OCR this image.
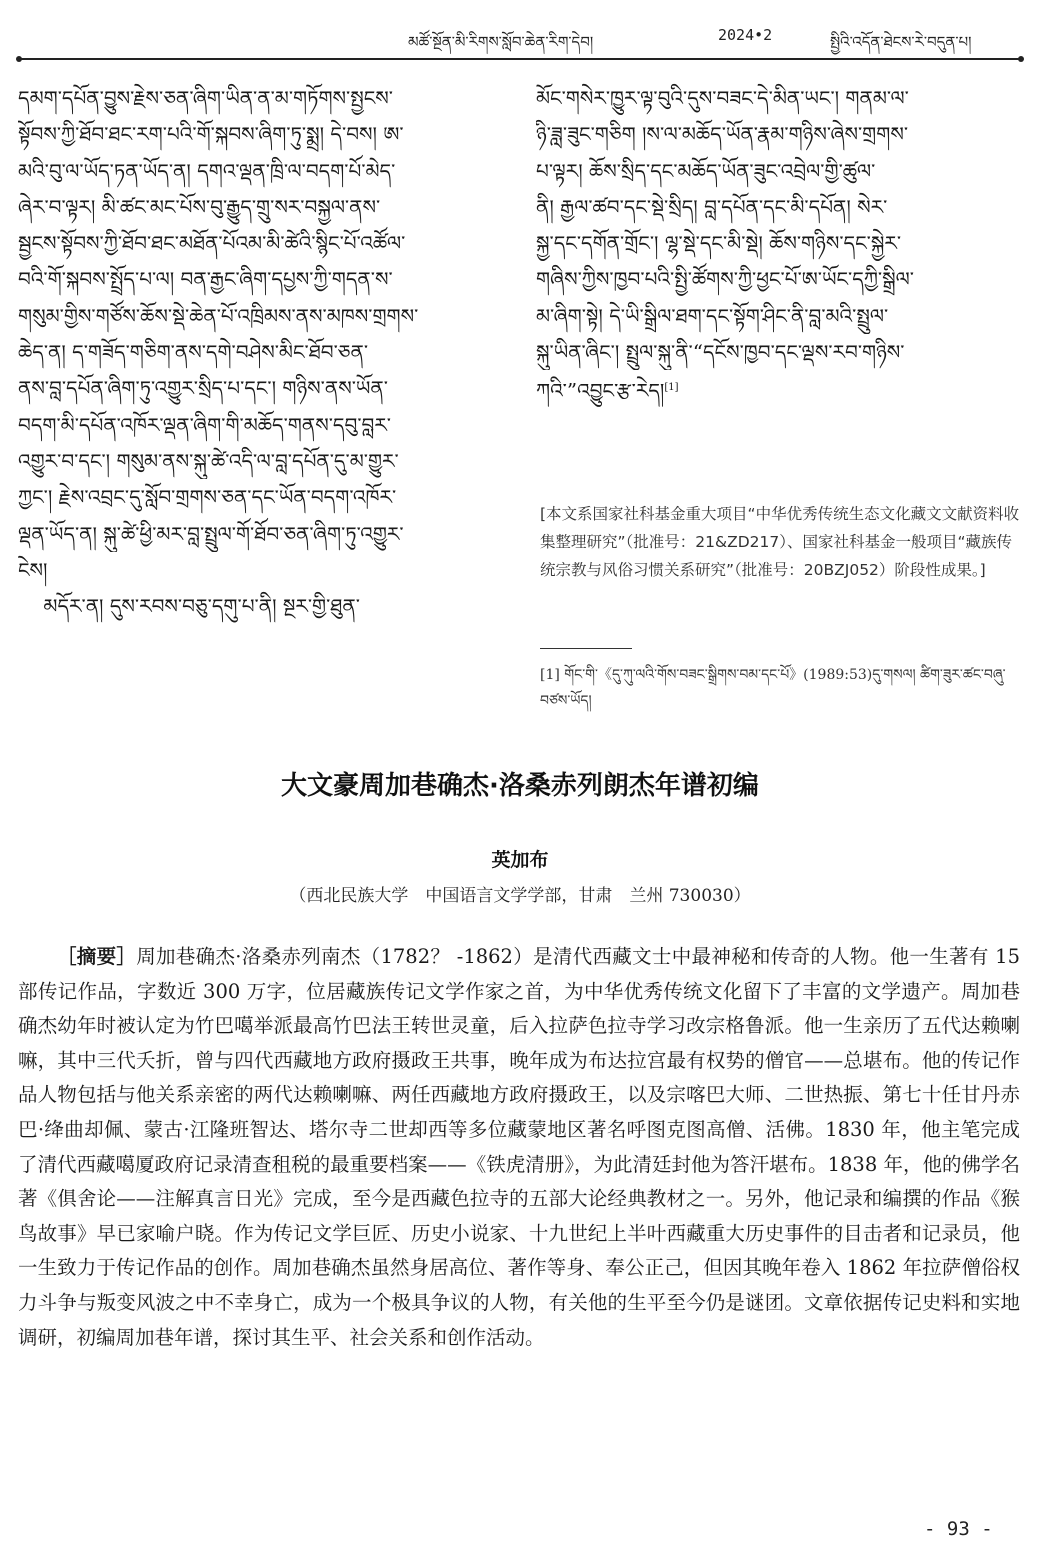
མཚོ་སྔོན་མི་རིགས་སློབ་ཆེན་རིག་དེབ།	2024•2	སྤྱིའི་འདོན་ཐེངས་རེ་བདུན་པ།
དམག་དཔོན་བྱུས་རྗེས་ཅན་ཞིག་ཡིན་ན་མ་གཏོགས་སྤྱངས་
སྟོབས་ཀྱི་ཐོབ་ཐང་རག་པའི་གོ་སྐབས་ཞིག་ཏུ་སྨྲ། དེ་བས། ཨ་
མའི་བུ་ལ་ཡོད་ཏན་ཡོད་ན། དགའ་ལྡན་ཁྲི་ལ་བདག་པོ་མེད་
ཞེར་བ་ལྟར། མི་ཚང་མང་པོས་བུ་རྒྱུད་གྲུ་སར་བསྐྱལ་ནས་
སྦྱངས་སྟོབས་ཀྱི་ཐོབ་ཐང་མཐོན་པོའམ་མི་ཚེའི་སྙིང་པོ་འཚོལ་
བའི་གོ་སྐབས་སྤྲོད་པ་ལ། བན་རྒྱང་ཞིག་དཔྱས་ཀྱི་གདན་ས་
གསུམ་གྱིས་གཙོས་ཆོས་སྡེ་ཆེན་པོ་འཁྲིམས་ནས་མཁས་གྲགས་
ཆེད་ན། ད་གཟོད་གཅིག་ནས་དགེ་བཤེས་མིང་ཐོབ་ཅན་
ནས་བླ་དཔོན་ཞིག་ཏུ་འགྱུར་སྲིད་པ་དང་། གཉིས་ནས་ཡོན་
བདག་མི་དཔོན་འཁོར་ལྡན་ཞིག་གི་མཆོད་གནས་དབུ་བླར་
འགྱུར་བ་དང་། གསུམ་ནས་སྐུ་ཚེ་འདི་ལ་བླ་དཔོན་དུ་མ་གྱུར་
ཀྱང་། རྗེས་འབྲང་དུ་སློབ་གྲགས་ཅན་དང་ཡོན་བདག་འཁོར་
ལྡན་ཡོད་ན། སྐུ་ཚེ་ཕྱི་མར་བླ་སྤྲུལ་གོ་ཐོབ་ཅན་ཞིག་ཏུ་འགྱུར་
ངེས།
མདོར་ན། དུས་རབས་བཅུ་དགུ་པ་ནི། སྔར་གྱི་ཐུན་
མོང་གསེར་ཁྱུར་ལྟ་བུའི་དུས་བཟང་དེ་མིན་ཡང་། གནམ་ལ་
ཉི་ཟླ་ཟུང་གཅིག །ས་ལ་མཆོད་ཡོན་རྣམ་གཉིས་ཞེས་གྲགས་
པ་ལྟར། ཆོས་སྲིད་དང་མཆོད་ཡོན་ཟུང་འབྲེལ་གྱི་ཚུལ་
ནི། རྒྱལ་ཚབ་དང་སྡེ་སྲིད། བླ་དཔོན་དང་མི་དཔོན། སེར་
སྐྱ་དང་དགོན་གྲོང་། ལྷ་སྡེ་དང་མི་སྡེ། ཆོས་གཉིས་དང་སྐྱེར་
གཞིས་ཀྱིས་ཁྱབ་པའི་སྤྱི་ཚོགས་ཀྱི་ཕྱང་པོ་ཨ་ཡོང་དཀྱི་སྒྲིལ་
མ་ཞིག་སྟེ། དེ་ཡི་སྒྲིལ་ཐག་དང་སྟོག་ཤིང་ནི་བླ་མའི་སྤྲུལ་
སྐུ་ཡིན་ཞིང་། སྤྲུལ་སྐུ་ནི་“དངོས་ཁྱབ་དང་ལྡས་རབ་གཉིས་
ཀའི་”འབྱུང་རྩ་རེད།[1]
[本文系国家社科基金重大项目“中华优秀传统生态文化藏文文献资料收集整理研究”（批准号：21&ZD217）、国家社科基金一般项目“藏族传统宗教与风俗习惯关系研究”（批准号：20BZJ052）阶段性成果。]
[1] གོང་གི་《དུ་ཀུ་ལའི་གོས་བཟང་སྒྲིགས་བམ་དང་པོ》(1989:53)དུ་གསལ། ཚིག་ཟུར་ཚང་བཞུ་བཙས་ཡོད།
大文豪周加巷确杰·洛桑赤列朗杰年谱初编
英加布
（西北民族大学　中国语言文学学部，甘肃　兰州 730030）
［摘要］周加巷确杰·洛桑赤列南杰（1782？ -1862）是清代西藏文士中最神秘和传奇的人物。他一生著有 15 部传记作品，字数近 300 万字，位居藏族传记文学作家之首，为中华优秀传统文化留下了丰富的文学遗产。周加巷确杰幼年时被认定为竹巴噶举派最高竹巴法王转世灵童，后入拉萨色拉寺学习改宗格鲁派。他一生亲历了五代达赖喇嘛，其中三代夭折，曾与四代西藏地方政府摄政王共事，晚年成为布达拉宫最有权势的僧官——总堪布。他的传记作品人物包括与他关系亲密的两代达赖喇嘛、两任西藏地方政府摄政王，以及宗喀巴大师、二世热振、第七十任甘丹赤巴·绛曲却佩、蒙古·江隆班智达、塔尔寺二世却西等多位藏蒙地区著名呼图克图高僧、活佛。1830 年，他主笔完成了清代西藏噶厦政府记录清查租税的最重要档案——《铁虎清册》，为此清廷封他为答汗堪布。1838 年，他的佛学名著《俱舍论——注解真言日光》完成，至今是西藏色拉寺的五部大论经典教材之一。另外，他记录和编撰的作品《猴鸟故事》早已家喻户晓。作为传记文学巨匠、历史小说家、十九世纪上半叶西藏重大历史事件的目击者和记录员，他一生致力于传记作品的创作。周加巷确杰虽然身居高位、著作等身、奉公正己，但因其晚年卷入 1862 年拉萨僧俗权力斗争与叛变风波之中不幸身亡，成为一个极具争议的人物，有关他的生平至今仍是谜团。文章依据传记史料和实地调研，初编周加巷年谱，探讨其生平、社会关系和创作活动。
- 93 -
